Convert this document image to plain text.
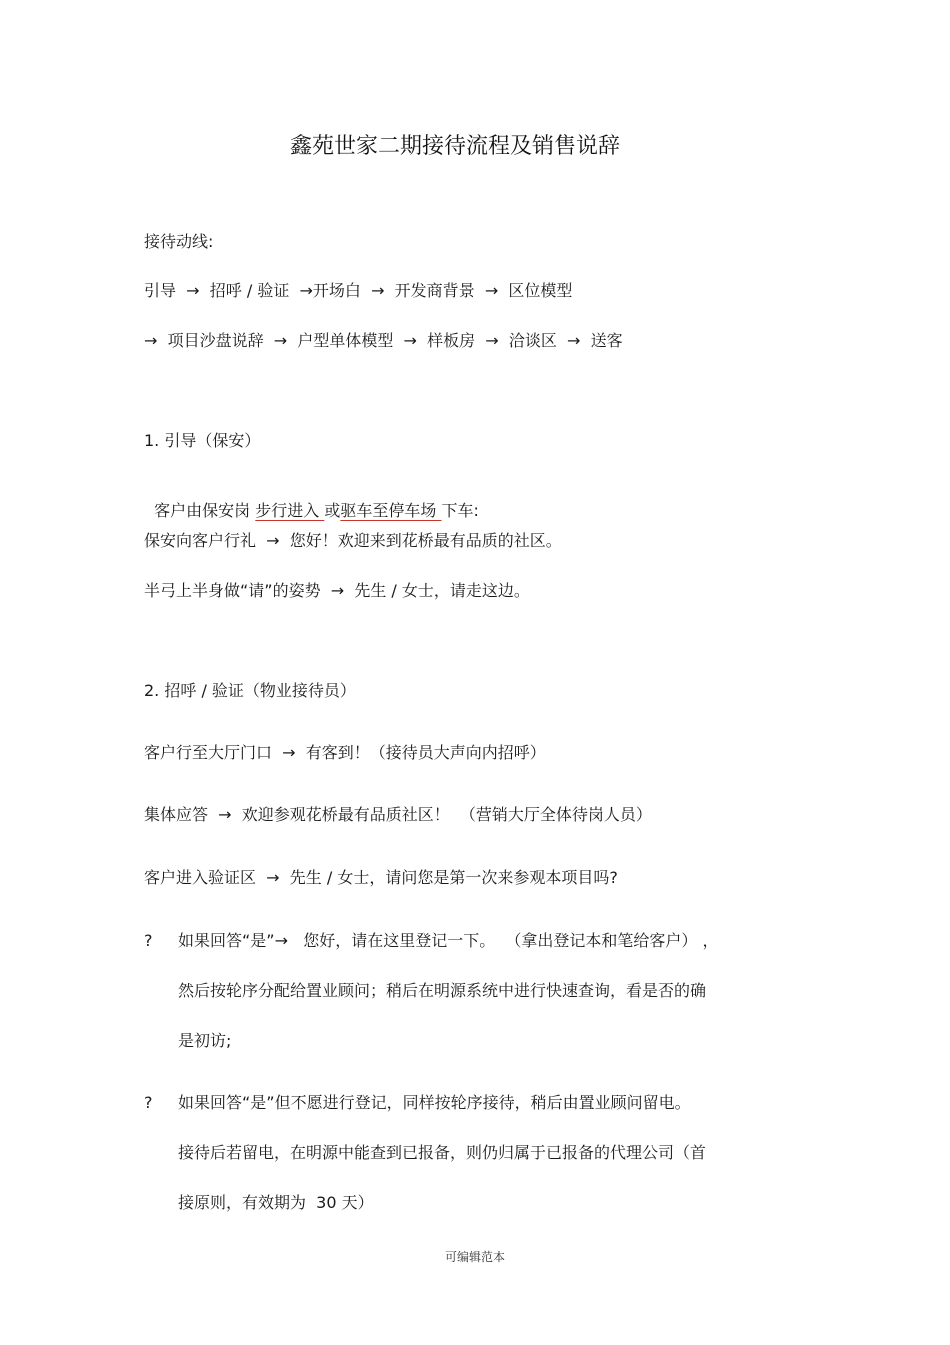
鑫苑世家二期接待流程及销售说辞
接待动线:
引导  →  招呼 / 验证  →开场白  →  开发商背景  →  区位模型
→  项目沙盘说辞  →  户型单体模型  →  样板房  →  洽谈区  →  送客
1. 引导（保安）

客户由保安岗 步行进入 或驱车至停车场 下车:

保安向客户行礼  →  您好！欢迎来到花桥最有品质的社区。
半弓上半身做“请”的姿势  →  先生 / 女士，请走这边。
2. 招呼 / 验证（物业接待员）
客户行至大厅门口  →  有客到！（接待员大声向内招呼）
集体应答  →  欢迎参观花桥最有品质社区！  （营销大厅全体待岗人员）
客户进入验证区  →  先生 / 女士，请问您是第一次来参观本项目吗?
? 如果回答“是”→   您好，请在这里登记一下。  （拿出登记本和笔给客户） ，
然后按轮序分配给置业顾问；稍后在明源系统中进行快速查询，看是否的确
是初访;
? 如果回答“是”但不愿进行登记，同样按轮序接待，稍后由置业顾问留电。
接待后若留电，在明源中能查到已报备，则仍归属于已报备的代理公司（首
接原则，有效期为  30 天）
可编辑范本
